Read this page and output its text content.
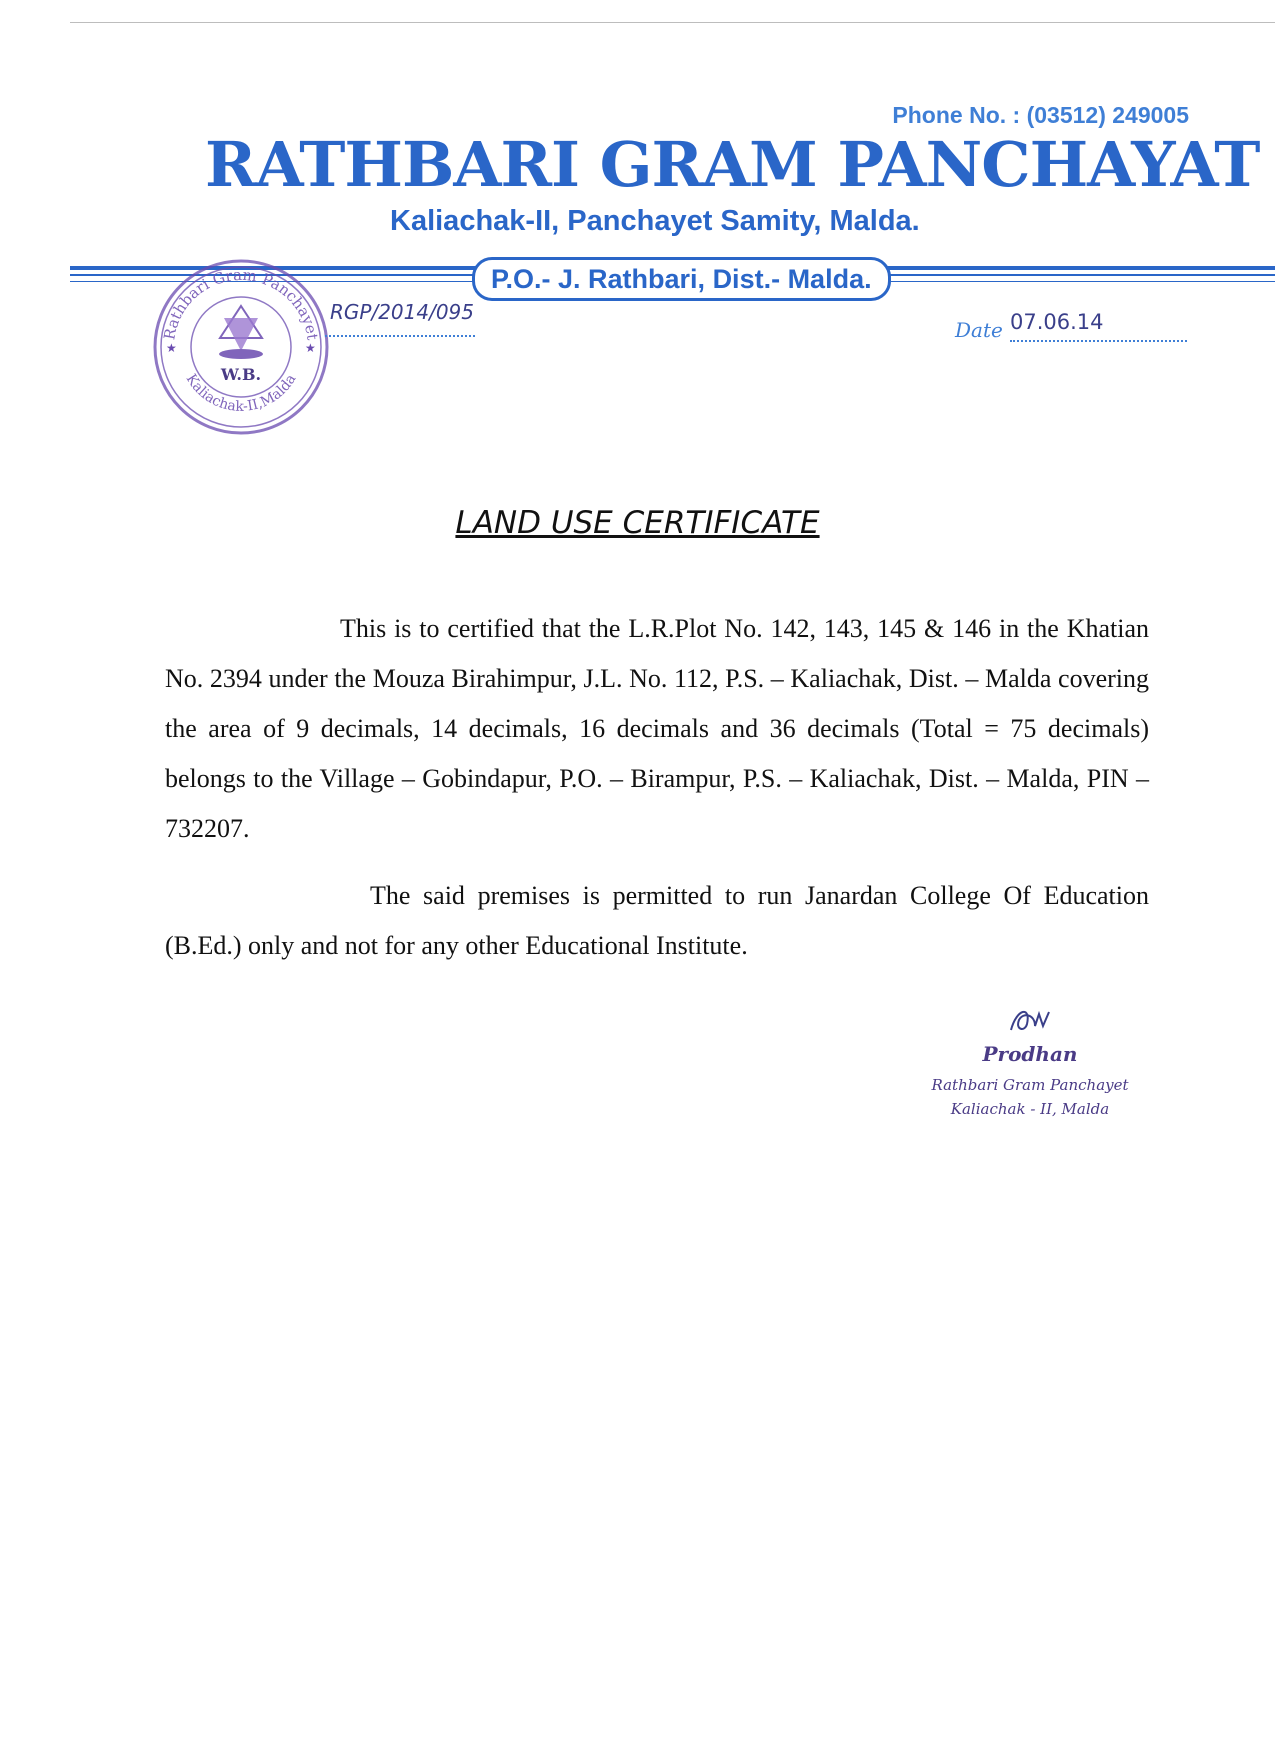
Phone No. : (03512) 249005
RATHBARI GRAM PANCHAYAT
Kaliachak-II, Panchayet Samity, Malda.
P.O.- J. Rathbari, Dist.- Malda.
Rathbari Gram Panchayet
Kaliachak-II,Malda
★	★
W.B.
RGP/2014/095
Date 07.06.14
LAND USE CERTIFICATE

This is to certified that the L.R.Plot No. 142, 143, 145 & 146 in the Khatian No. 2394 under the Mouza Birahimpur, J.L. No. 112, P.S. – Kaliachak, Dist. – Malda covering the area of 9 decimals, 14 decimals, 16 decimals and 36 decimals (Total = 75 decimals) belongs to the Village – Gobindapur, P.O. – Birampur, P.S. – Kaliachak, Dist. – Malda, PIN – 732207.

The said premises is permitted to run Janardan College Of Education (B.Ed.) only and not for any other Educational Institute.

Prodhan
Rathbari Gram Panchayet
Kaliachak - II, Malda
